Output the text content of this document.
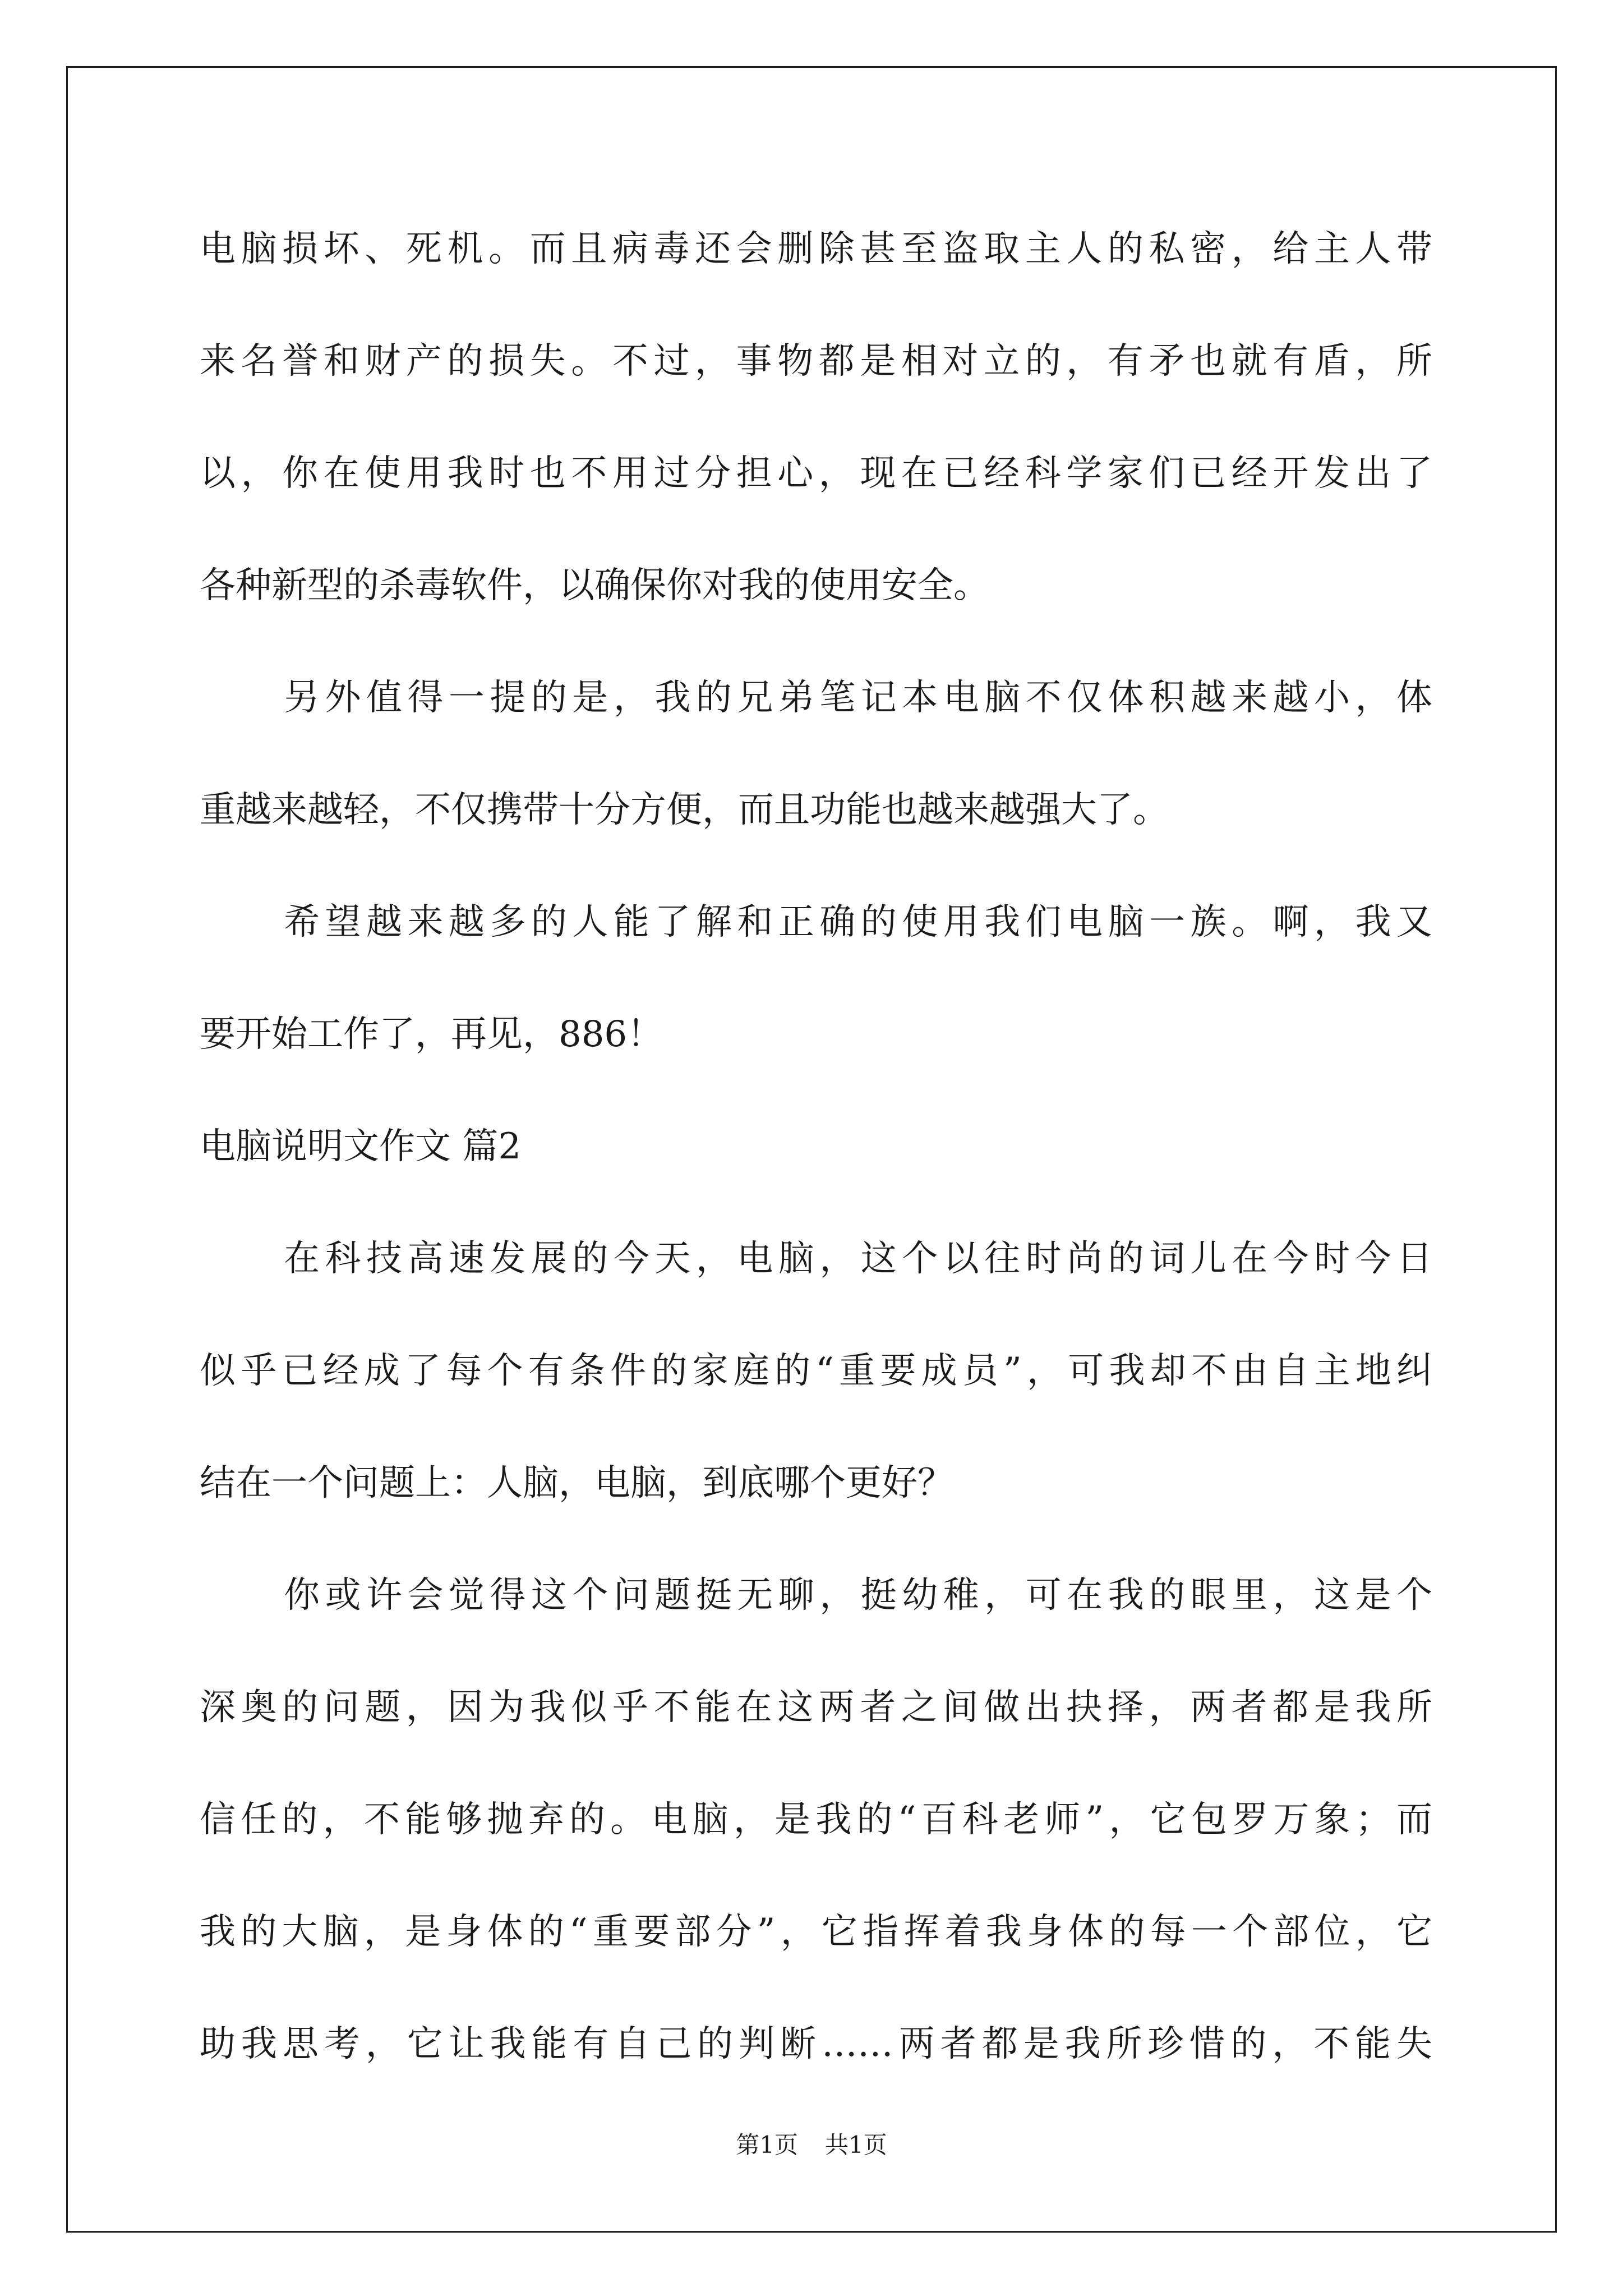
电脑损坏、死机。而且病毒还会删除甚至盗取主人的私密，给主人带
来名誉和财产的损失。不过，事物都是相对立的，有矛也就有盾，所
以，你在使用我时也不用过分担心，现在已经科学家们已经开发出了
各种新型的杀毒软件，以确保你对我的使用安全。
另外值得一提的是，我的兄弟笔记本电脑不仅体积越来越小，体
重越来越轻，不仅携带十分方便，而且功能也越来越强大了。
希望越来越多的人能了解和正确的使用我们电脑一族。啊，我又
要开始工作了，再见，886！
电脑说明文作文 篇2
在科技高速发展的今天，电脑，这个以往时尚的词儿在今时今日
似乎已经成了每个有条件的家庭的“重要成员”，可我却不由自主地纠
结在一个问题上：人脑，电脑，到底哪个更好？
你或许会觉得这个问题挺无聊，挺幼稚，可在我的眼里，这是个
深奥的问题，因为我似乎不能在这两者之间做出抉择，两者都是我所
信任的，不能够抛弃的。电脑，是我的“百科老师”，它包罗万象；而
我的大脑，是身体的“重要部分”，它指挥着我身体的每一个部位，它
助我思考，它让我能有自己的判断……两者都是我所珍惜的，不能失
第1页 共1页
